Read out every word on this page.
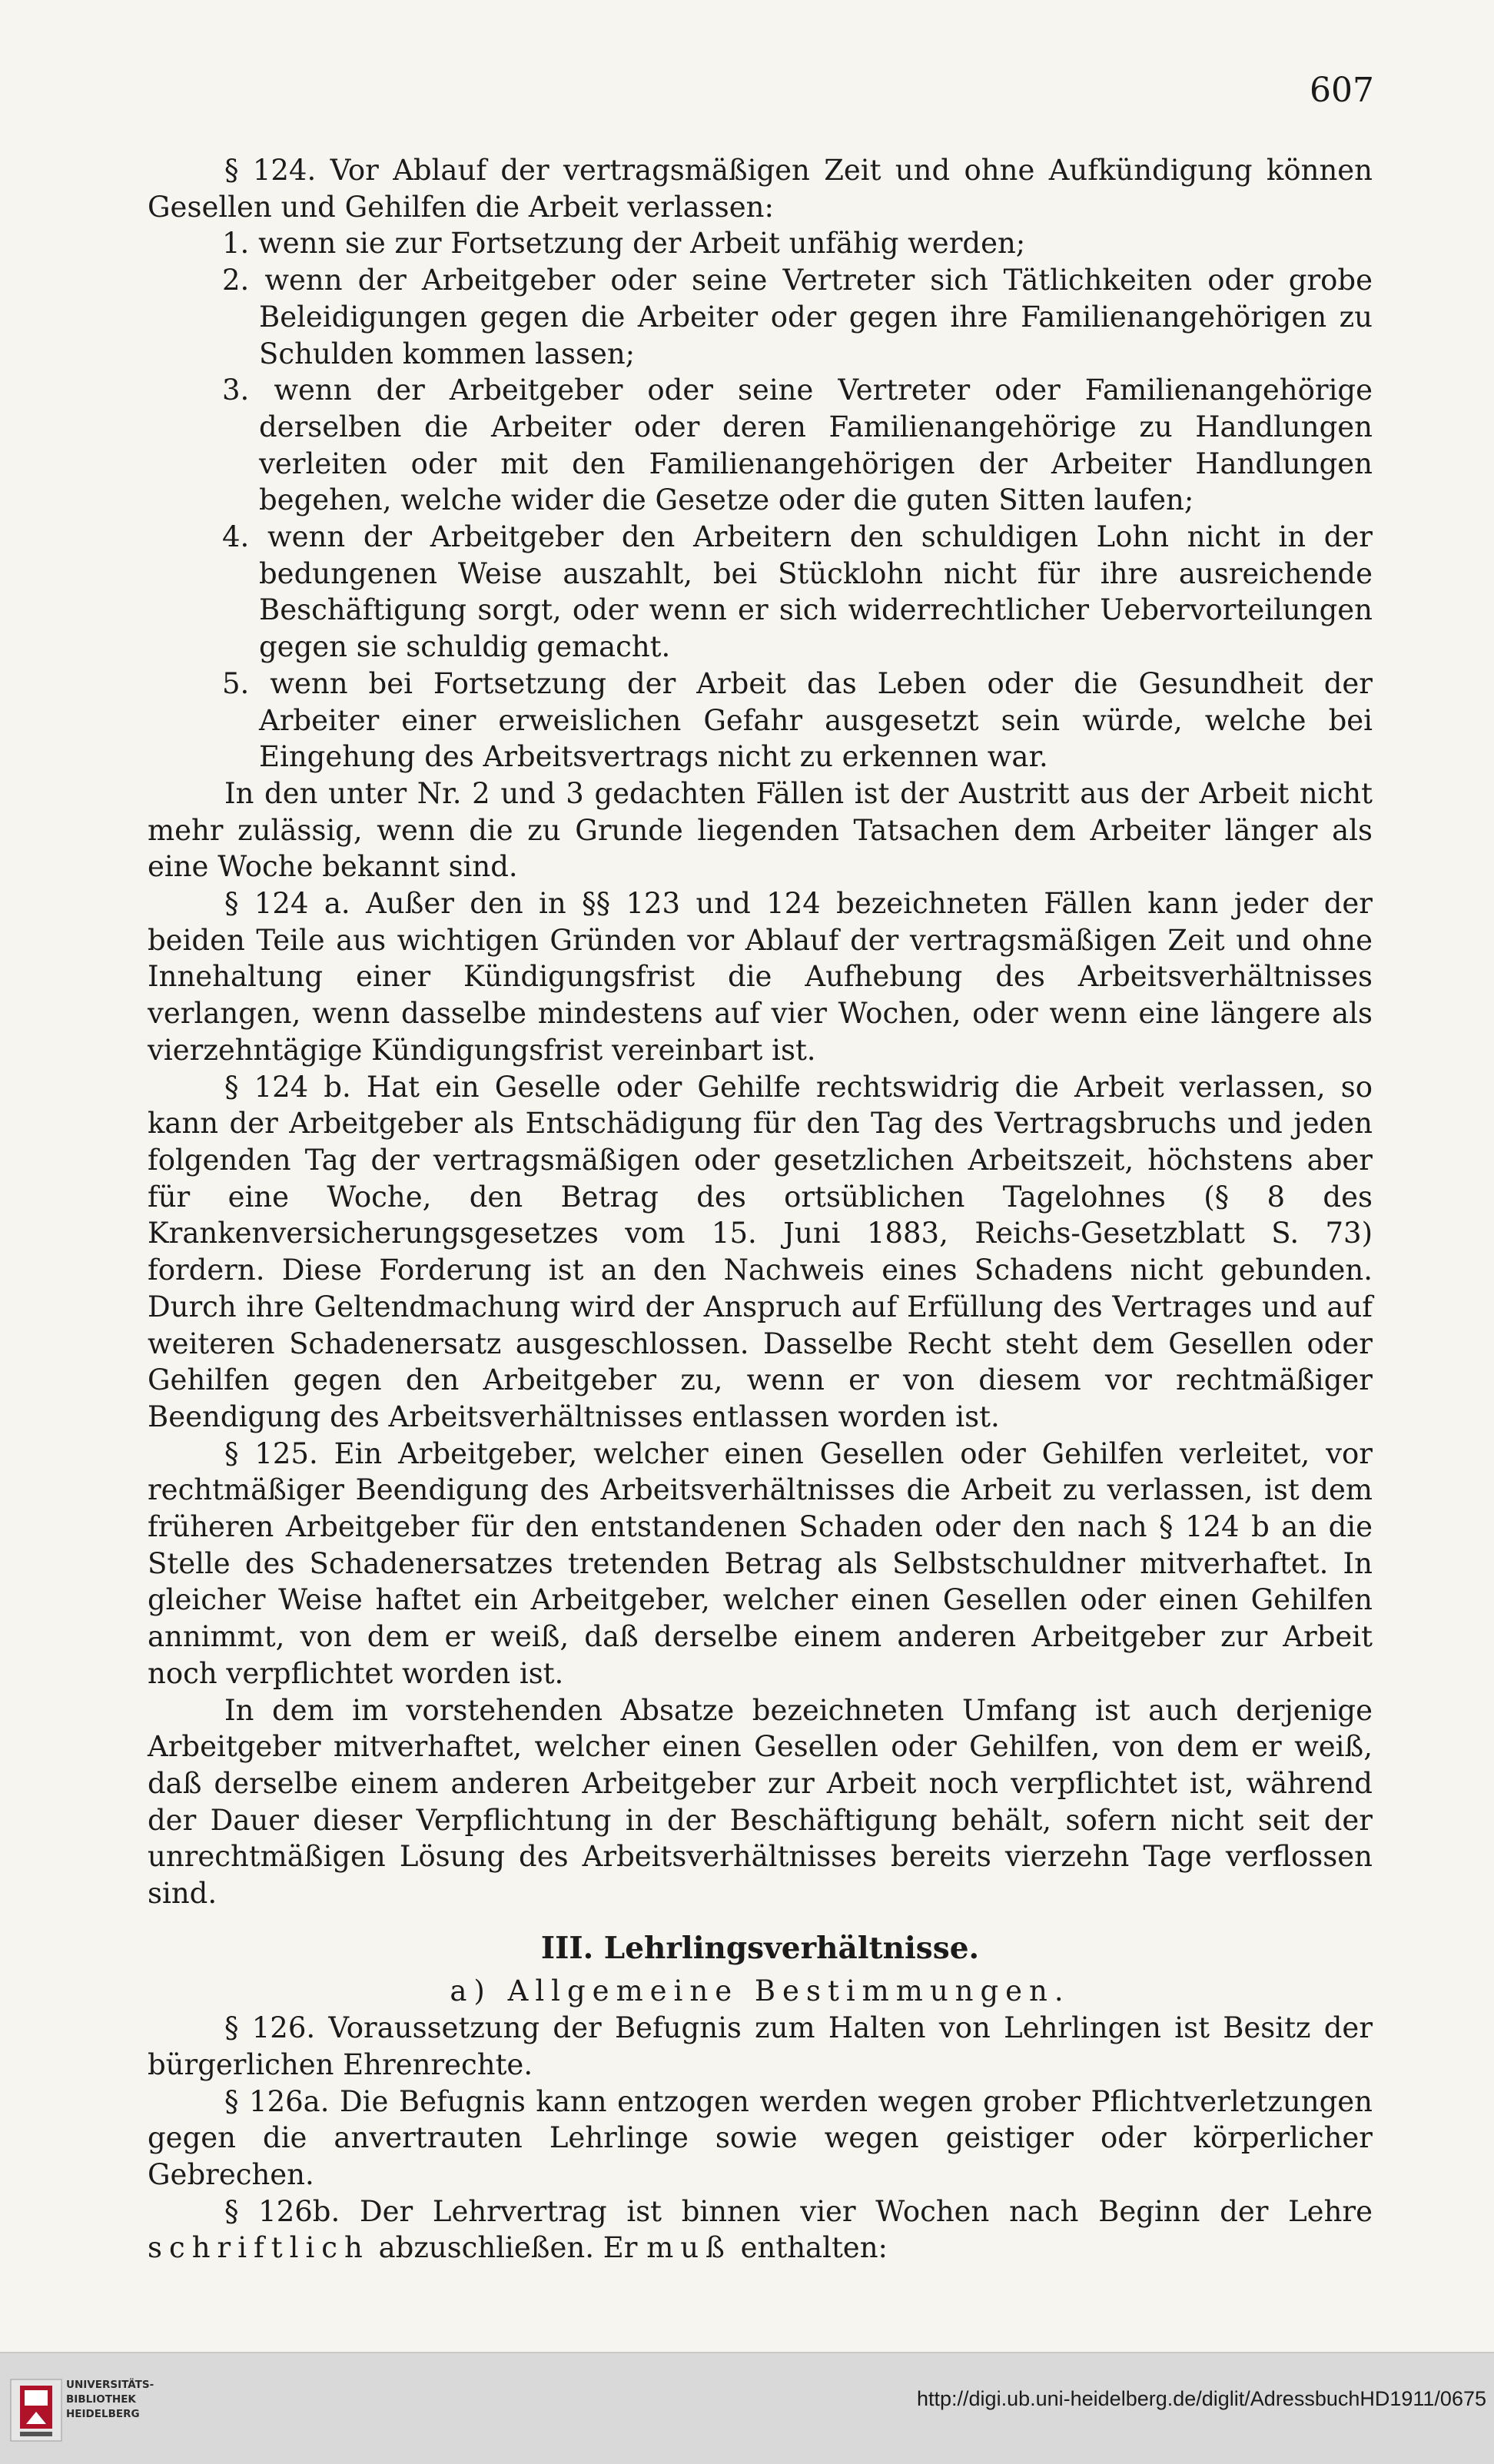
607

§ 124. Vor Ablauf der vertragsmäßigen Zeit und ohne Aufkündigung können Gesellen und Gehilfen die Arbeit verlassen:

1. wenn sie zur Fortsetzung der Arbeit unfähig werden;

2. wenn der Arbeitgeber oder seine Vertreter sich Tätlichkeiten oder grobe Beleidigungen gegen die Arbeiter oder gegen ihre Familienangehörigen zu Schulden kommen lassen;

3. wenn der Arbeitgeber oder seine Vertreter oder Familienangehörige derselben die Arbeiter oder deren Familienangehörige zu Handlungen verleiten oder mit den Familienangehörigen der Arbeiter Handlungen begehen, welche wider die Gesetze oder die guten Sitten laufen;

4. wenn der Arbeitgeber den Arbeitern den schuldigen Lohn nicht in der bedungenen Weise auszahlt, bei Stücklohn nicht für ihre ausreichende Beschäftigung sorgt, oder wenn er sich widerrechtlicher Uebervorteilungen gegen sie schuldig gemacht.

5. wenn bei Fortsetzung der Arbeit das Leben oder die Gesundheit der Arbeiter einer erweislichen Gefahr ausgesetzt sein würde, welche bei Eingehung des Arbeitsvertrags nicht zu erkennen war.

In den unter Nr. 2 und 3 gedachten Fällen ist der Austritt aus der Arbeit nicht mehr zulässig, wenn die zu Grunde liegenden Tatsachen dem Arbeiter länger als eine Woche bekannt sind.

§ 124 a. Außer den in §§ 123 und 124 bezeichneten Fällen kann jeder der beiden Teile aus wichtigen Gründen vor Ablauf der vertragsmäßigen Zeit und ohne Innehaltung einer Kündigungsfrist die Aufhebung des Arbeitsverhältnisses verlangen, wenn dasselbe mindestens auf vier Wochen, oder wenn eine längere als vierzehntägige Kündigungsfrist vereinbart ist.

§ 124 b. Hat ein Geselle oder Gehilfe rechtswidrig die Arbeit verlassen, so kann der Arbeitgeber als Entschädigung für den Tag des Vertragsbruchs und jeden folgenden Tag der vertragsmäßigen oder gesetzlichen Arbeitszeit, höchstens aber für eine Woche, den Betrag des ortsüblichen Tagelohnes (§ 8 des Krankenversicherungsgesetzes vom 15. Juni 1883, Reichs-Gesetzblatt S. 73) fordern. Diese Forderung ist an den Nachweis eines Schadens nicht gebunden. Durch ihre Geltendmachung wird der Anspruch auf Erfüllung des Vertrages und auf weiteren Schadenersatz ausgeschlossen. Dasselbe Recht steht dem Gesellen oder Gehilfen gegen den Arbeitgeber zu, wenn er von diesem vor rechtmäßiger Beendigung des Arbeitsverhältnisses entlassen worden ist.

§ 125. Ein Arbeitgeber, welcher einen Gesellen oder Gehilfen verleitet, vor rechtmäßiger Beendigung des Arbeitsverhältnisses die Arbeit zu verlassen, ist dem früheren Arbeitgeber für den entstandenen Schaden oder den nach § 124 b an die Stelle des Schadenersatzes tretenden Betrag als Selbstschuldner mitverhaftet. In gleicher Weise haftet ein Arbeitgeber, welcher einen Gesellen oder einen Gehilfen annimmt, von dem er weiß, daß derselbe einem anderen Arbeitgeber zur Arbeit noch verpflichtet worden ist.

In dem im vorstehenden Absatze bezeichneten Umfang ist auch derjenige Arbeitgeber mitverhaftet, welcher einen Gesellen oder Gehilfen, von dem er weiß, daß derselbe einem anderen Arbeitgeber zur Arbeit noch verpflichtet ist, während der Dauer dieser Verpflichtung in der Beschäftigung behält, sofern nicht seit der unrechtmäßigen Lösung des Arbeitsverhältnisses bereits vierzehn Tage verflossen sind.

III. Lehrlingsverhältnisse.

a) Allgemeine Bestimmungen.

§ 126. Voraussetzung der Befugnis zum Halten von Lehrlingen ist Besitz der bürgerlichen Ehrenrechte.

§ 126a. Die Befugnis kann entzogen werden wegen grober Pflichtverletzungen gegen die anvertrauten Lehrlinge sowie wegen geistiger oder körperlicher Gebrechen.

§ 126b. Der Lehrvertrag ist binnen vier Wochen nach Beginn der Lehre schriftlich abzuschließen. Er muß enthalten:

UNIVERSITÄTS-
BIBLIOTHEK
HEIDELBERG
http://digi.ub.uni-heidelberg.de/diglit/AdressbuchHD1911/0675
